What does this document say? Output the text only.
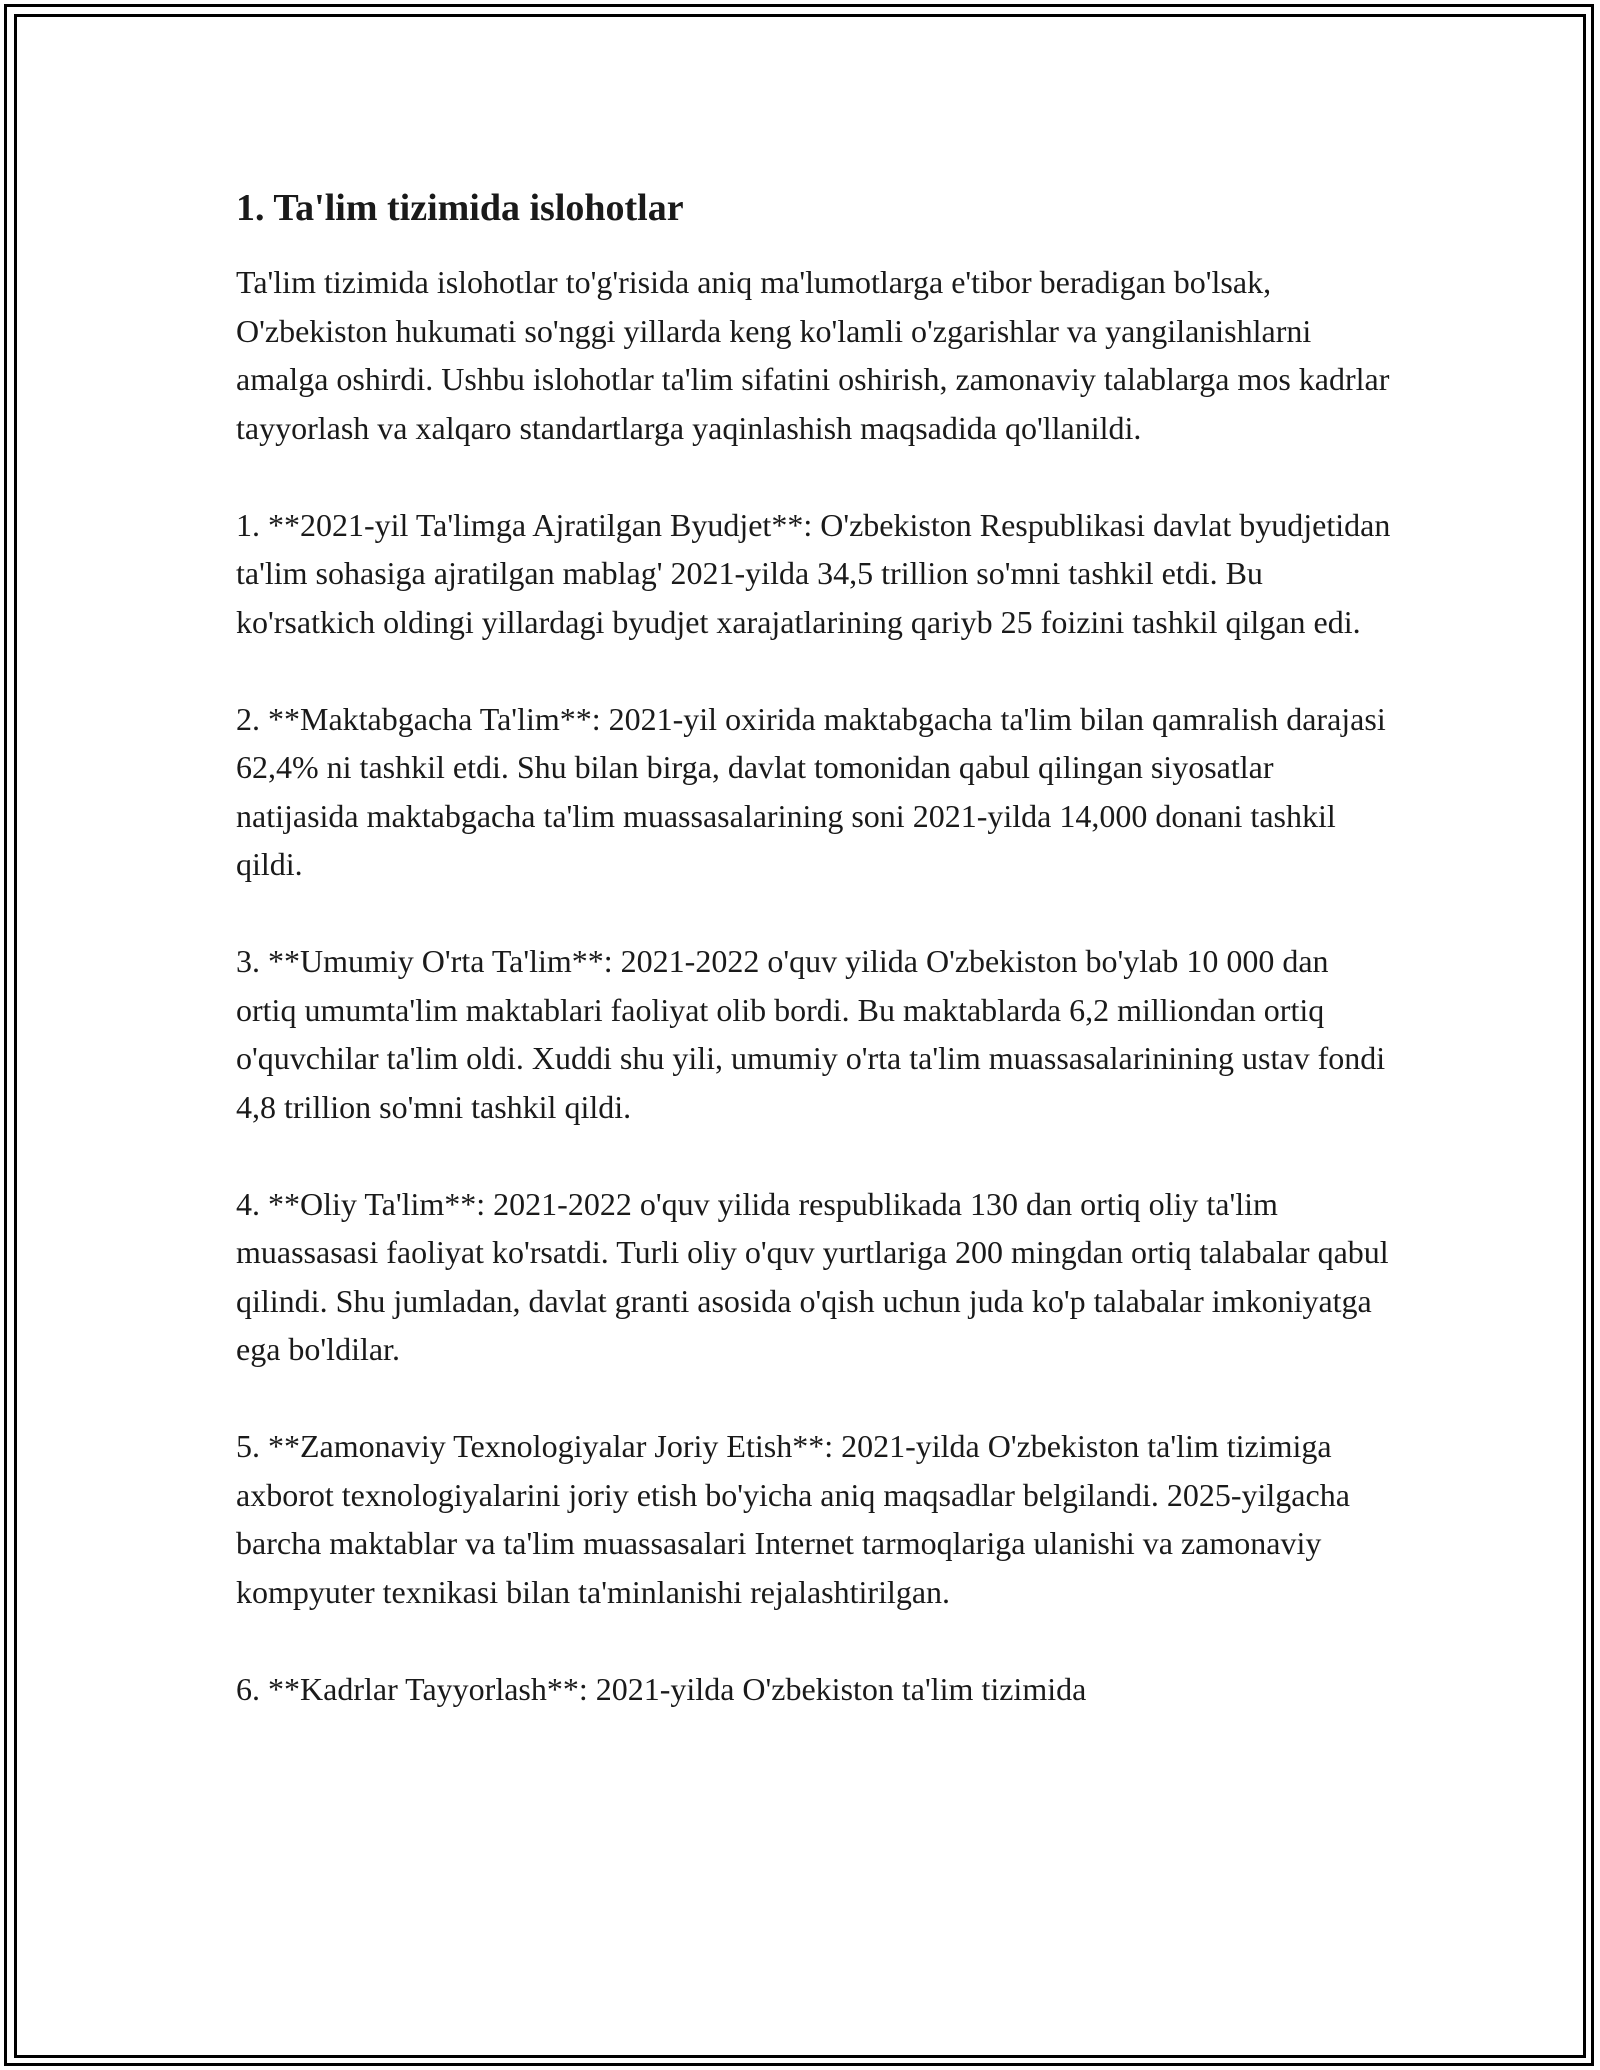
1. Ta'lim tizimida islohotlar

Ta'lim tizimida islohotlar to'g'risida aniq ma'lumotlarga e'tibor beradigan bo'lsak, O'zbekiston hukumati so'nggi yillarda keng ko'lamli o'zgarishlar va yangilanishlarni amalga oshirdi. Ushbu islohotlar ta'lim sifatini oshirish, zamonaviy talablarga mos kadrlar tayyorlash va xalqaro standartlarga yaqinlashish maqsadida qo'llanildi.

1. **2021-yil Ta'limga Ajratilgan Byudjet**: O'zbekiston Respublikasi davlat byudjetidan ta'lim sohasiga ajratilgan mablag' 2021-yilda 34,5 trillion so'mni tashkil etdi. Bu ko'rsatkich oldingi yillardagi byudjet xarajatlarining qariyb 25 foizini tashkil qilgan edi.

2. **Maktabgacha Ta'lim**: 2021-yil oxirida maktabgacha ta'lim bilan qamralish darajasi 62,4% ni tashkil etdi. Shu bilan birga, davlat tomonidan qabul qilingan siyosatlar natijasida maktabgacha ta'lim muassasalarining soni 2021-yilda 14,000 donani tashkil qildi.

3. **Umumiy O'rta Ta'lim**: 2021-2022 o'quv yilida O'zbekiston bo'ylab 10 000 dan ortiq umumta'lim maktablari faoliyat olib bordi. Bu maktablarda 6,2 milliondan ortiq o'quvchilar ta'lim oldi. Xuddi shu yili, umumiy o'rta ta'lim muassasalarinining ustav fondi 4,8 trillion so'mni tashkil qildi.

4. **Oliy Ta'lim**: 2021-2022 o'quv yilida respublikada 130 dan ortiq oliy ta'lim muassasasi faoliyat ko'rsatdi. Turli oliy o'quv yurtlariga 200 mingdan ortiq talabalar qabul qilindi. Shu jumladan, davlat granti asosida o'qish uchun juda ko'p talabalar imkoniyatga ega bo'ldilar.

5. **Zamonaviy Texnologiyalar Joriy Etish**: 2021-yilda O'zbekiston ta'lim tizimiga axborot texnologiyalarini joriy etish bo'yicha aniq maqsadlar belgilandi. 2025-yilgacha barcha maktablar va ta'lim muassasalari Internet tarmoqlariga ulanishi va zamonaviy kompyuter texnikasi bilan ta'minlanishi rejalashtirilgan.

6. **Kadrlar Tayyorlash**: 2021-yilda O'zbekiston ta'lim tizimida
